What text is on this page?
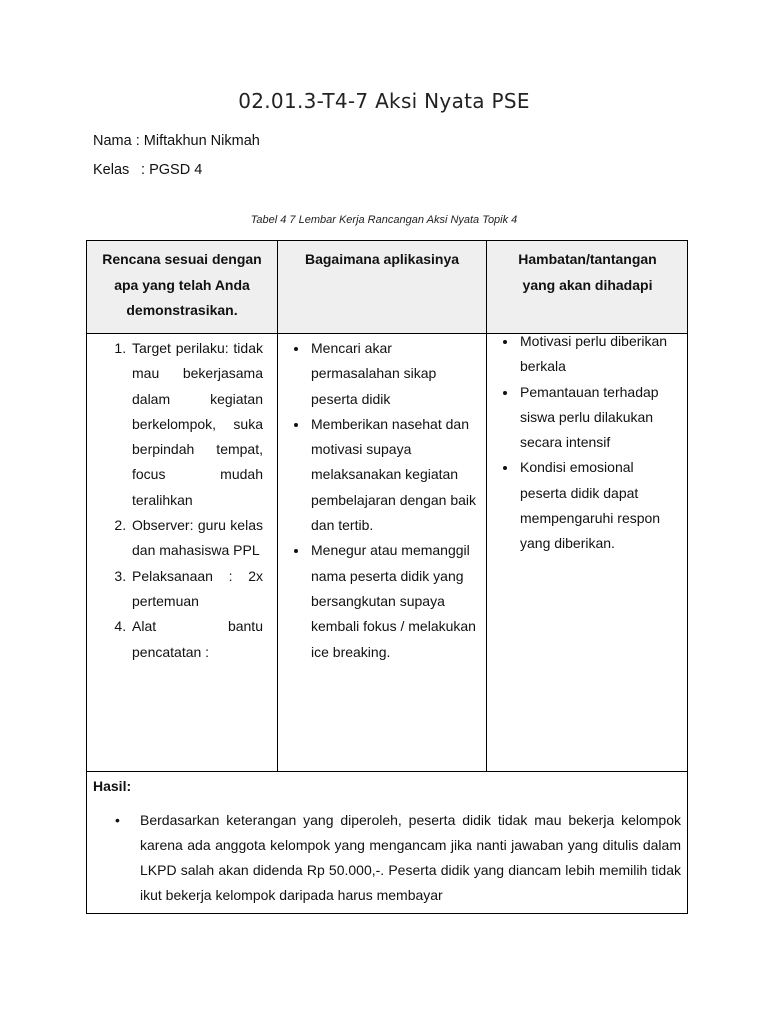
02.01.3-T4-7 Aksi Nyata PSE
Nama : Miftakhun Nikmah
Kelas : PGSD 4
Tabel 4 7 Lembar Kerja Rancangan Aksi Nyata Topik 4
Rencana sesuai dengan apa yang telah Anda demonstrasikan.
Bagaimana aplikasinya	Hambatan/tantangan yang akan dihadapi
1. Target perilaku: tidak mau bekerjasama dalam kegiatan berkelompok, suka berpindah tempat, focus mudah teralihkan
2. Observer: guru kelas dan mahasiswa PPL
3. Pelaksanaan : 2x pertemuan
4. Alat bantu pencatatan :
• Mencari akar permasalahan sikap peserta didik
• Memberikan nasehat dan motivasi supaya melaksanakan kegiatan pembelajaran dengan baik dan tertib.
• Menegur atau memanggil nama peserta didik yang bersangkutan supaya kembali fokus / melakukan ice breaking.
• Motivasi perlu diberikan berkala
• Pemantauan terhadap siswa perlu dilakukan secara intensif
• Kondisi emosional peserta didik dapat mempengaruhi respon yang diberikan.
Hasil:
• Berdasarkan keterangan yang diperoleh, peserta didik tidak mau bekerja kelompok karena ada anggota kelompok yang mengancam jika nanti jawaban yang ditulis dalam LKPD salah akan didenda Rp 50.000,-. Peserta didik yang diancam lebih memilih tidak ikut bekerja kelompok daripada harus membayar
